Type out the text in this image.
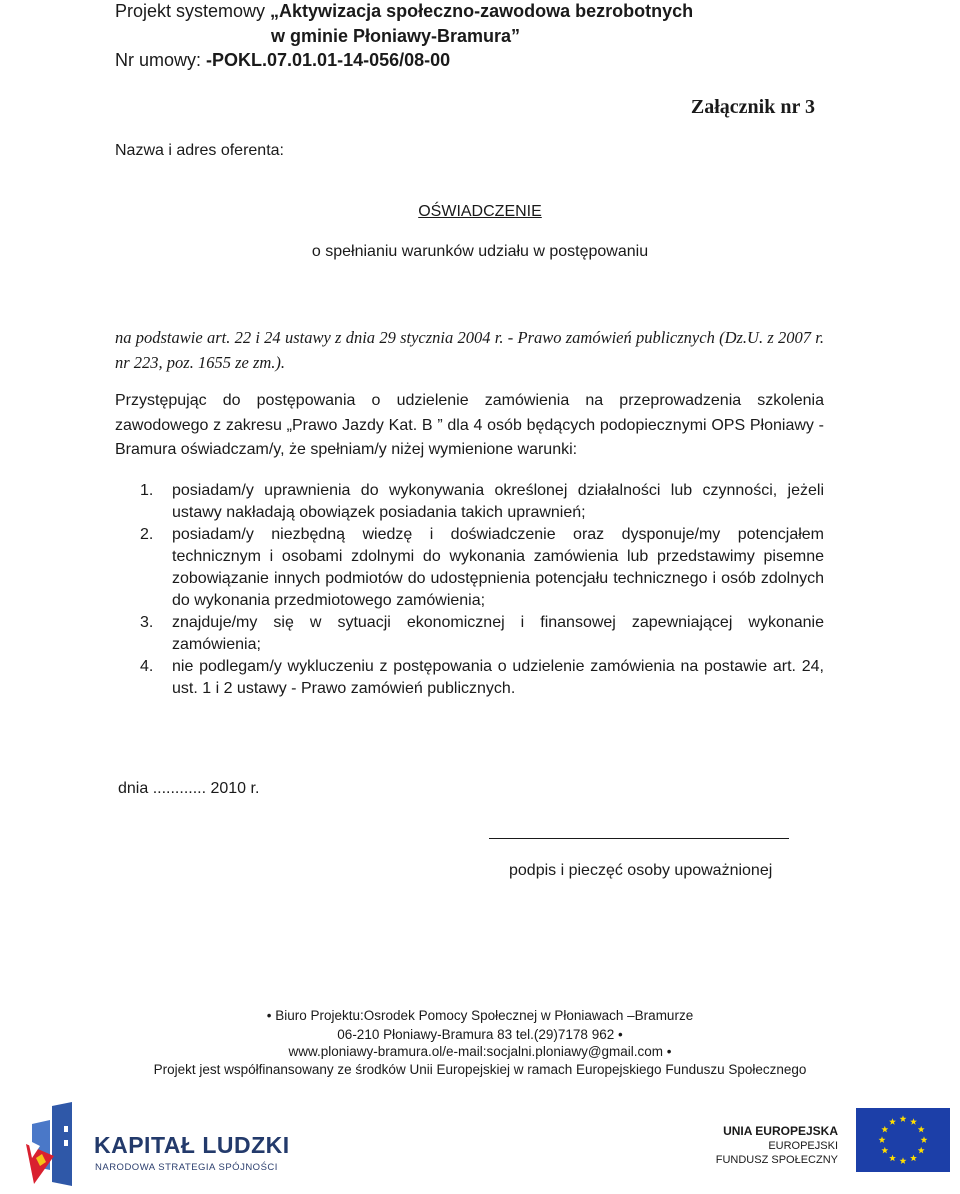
Projekt systemowy „Aktywizacja społeczno-zawodowa bezrobotnych
w gminie Płoniawy-Bramura”
Nr umowy: -POKL.07.01.01-14-056/08-00
Załącznik nr 3
Nazwa i adres oferenta:
OŚWIADCZENIE
o spełnianiu warunków udziału w postępowaniu
na podstawie art. 22 i 24 ustawy z dnia 29 stycznia 2004 r. - Prawo zamówień publicznych (Dz.U. z 2007 r. nr 223, poz. 1655 ze zm.).
Przystępując do postępowania o udzielenie zamówienia na przeprowadzenia szkolenia zawodowego z zakresu „Prawo Jazdy Kat. B ” dla 4 osób będących podopiecznymi OPS Płoniawy - Bramura oświadczam/y, że spełniam/y niżej wymienione warunki:
1. posiadam/y uprawnienia do wykonywania określonej działalności lub czynności, jeżeli ustawy nakładają obowiązek posiadania takich uprawnień;
2. posiadam/y niezbędną wiedzę i doświadczenie oraz dysponuje/my potencjałem technicznym i osobami zdolnymi do wykonania zamówienia lub przedstawimy pisemne zobowiązanie innych podmiotów do udostępnienia potencjału technicznego i osób zdolnych do wykonania przedmiotowego zamówienia;
3. znajduje/my się w sytuacji ekonomicznej i finansowej zapewniającej wykonanie zamówienia;
4. nie podlegam/y wykluczeniu z postępowania o udzielenie zamówienia na postawie art. 24, ust. 1 i 2 ustawy - Prawo zamówień publicznych.
dnia ............ 2010 r.
podpis i pieczęć osoby upoważnionej
• Biuro Projektu:Osrodek Pomocy Społecznej w Płoniawach –Bramurze
06-210 Płoniawy-Bramura 83 tel.(29)7178 962 •
www.ploniawy-bramura.ol/e-mail:socjalni.ploniawy@gmail.com •
Projekt jest współfinansowany ze środków Unii Europejskiej w ramach Europejskiego Funduszu Społecznego
KAPITAŁ LUDZKI
NARODOWA STRATEGIA SPÓJNOŚCI
UNIA EUROPEJSKA
EUROPEJSKI
FUNDUSZ SPOŁECZNY
